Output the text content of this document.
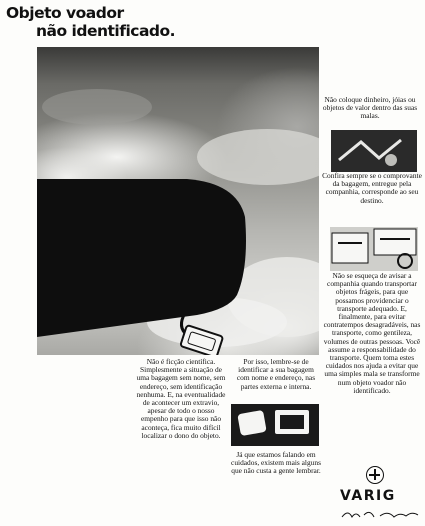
Objeto voador
não identificado.
Não coloque dinheiro, jóias ou objetos de valor dentro das suas malas.
Confira sempre se o comprovante da bagagem, entregue pela companhia, corresponde ao seu destino.
Não se esqueça de avisar a companhia quando transportar objetos frágeis, para que possamos providenciar o transporte adequado. E, finalmente, para evitar contratempos desagradáveis, nas transporte, como gentileza, volumes de outras pessoas. Você assume a responsabilidade do transporte. Quem toma estes cuidados nos ajuda a evitar que uma simples mala se transforme num objeto voador não identificado.
Não é ficção científica. Simplesmente a situação de uma bagagem sem nome, sem endereço, sem identificação nenhuma. E, na eventualidade de acontecer um extravio, apesar de todo o nosso empenho para que isso não aconteça, fica muito difícil localizar o dono do objeto.
Por isso, lembre-se de identificar a sua bagagem com nome e endereço, nas partes externa e interna.
Já que estamos falando em cuidados, existem mais alguns que não custa a gente lembrar.
VARIG
